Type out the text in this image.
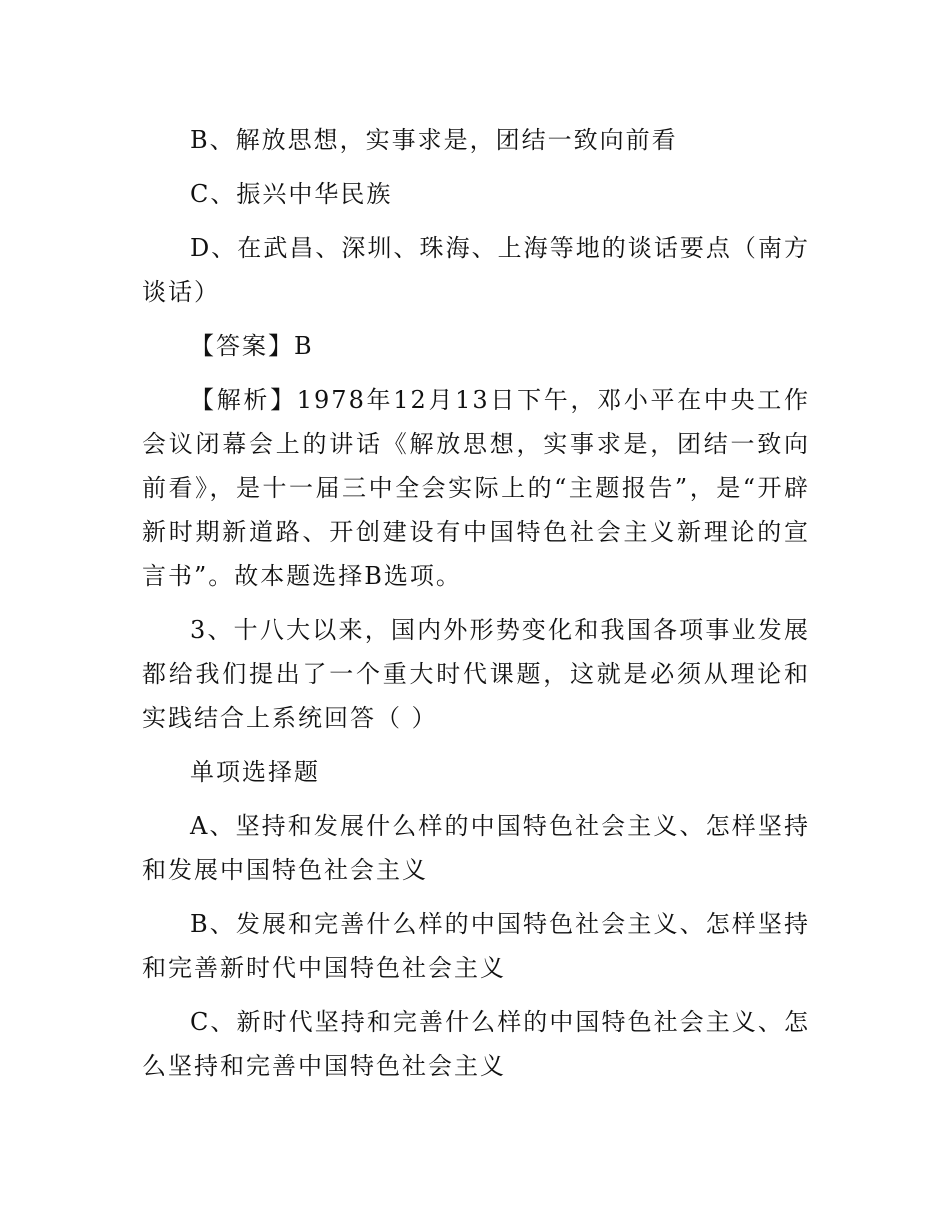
B、解放思想，实事求是，团结一致向前看

C、振兴中华民族

D、在武昌、深圳、珠海、上海等地的谈话要点（南方谈话）

【答案】B

【解析】1978年12月13日下午，邓小平在中央工作会议闭幕会上的讲话《解放思想，实事求是，团结一致向前看》，是十一届三中全会实际上的“主题报告”，是“开辟新时期新道路、开创建设有中国特色社会主义新理论的宣言书”。故本题选择B选项。

3、十八大以来，国内外形势变化和我国各项事业发展都给我们提出了一个重大时代课题，这就是必须从理论和实践结合上系统回答（ ）

单项选择题

A、坚持和发展什么样的中国特色社会主义、怎样坚持和发展中国特色社会主义

B、发展和完善什么样的中国特色社会主义、怎样坚持和完善新时代中国特色社会主义

C、新时代坚持和完善什么样的中国特色社会主义、怎么坚持和完善中国特色社会主义
